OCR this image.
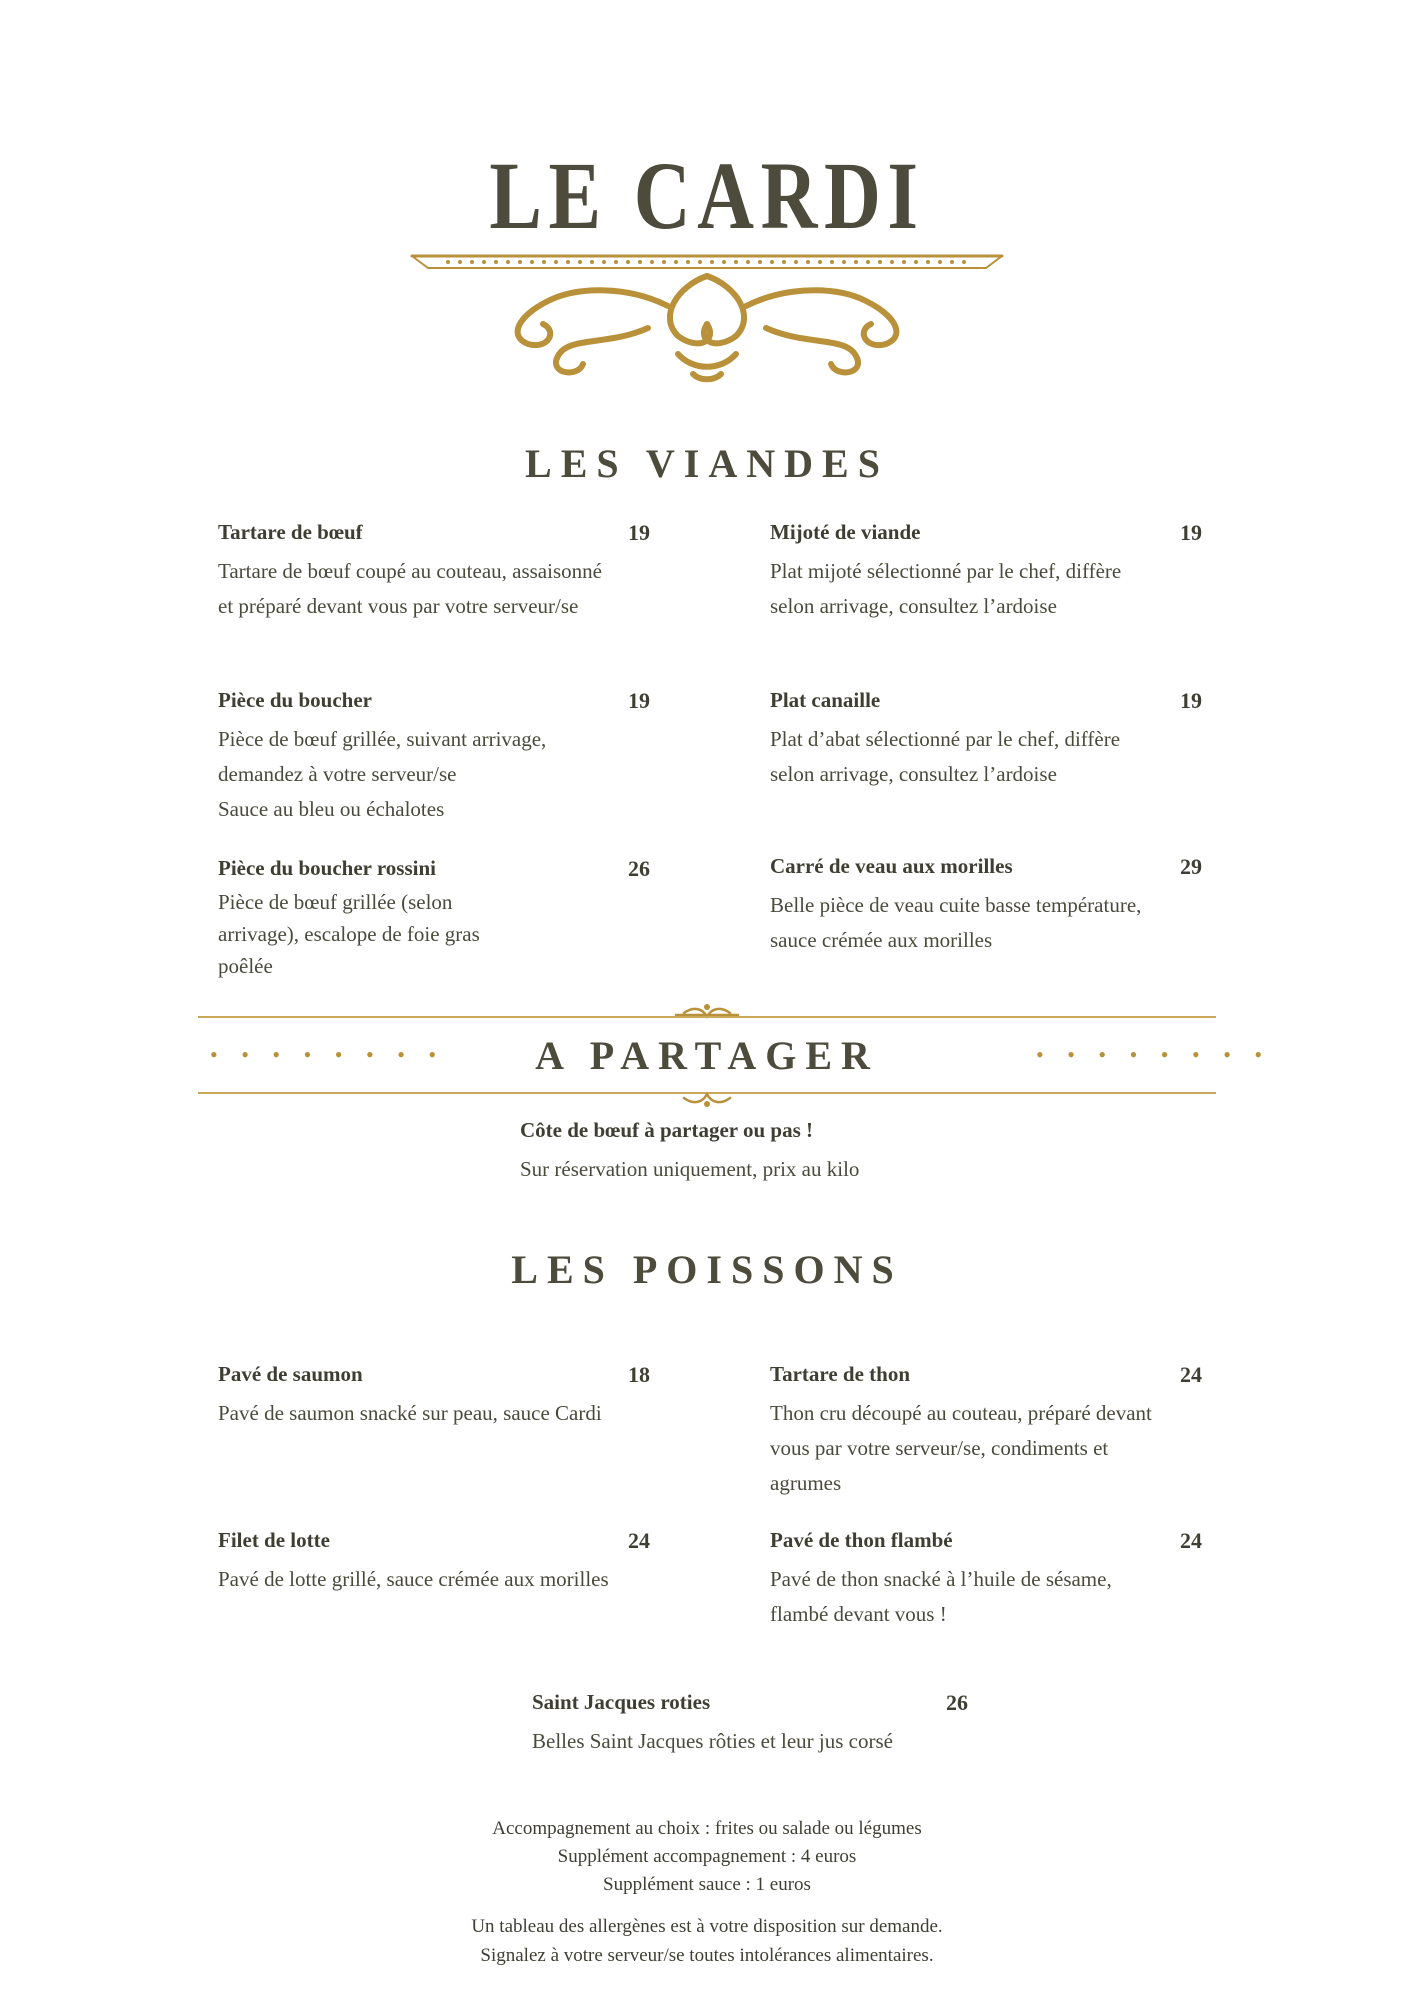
LE CARDI
LES VIANDES
Tartare de bœuf	19
Tartare de bœuf coupé au couteau, assaisonné
et préparé devant vous par votre serveur/se
Mijoté de viande	19
Plat mijoté sélectionné par le chef, diffère
selon arrivage, consultez l’ardoise
Pièce du boucher	19
Pièce de bœuf grillée, suivant arrivage,
demandez à votre serveur/se
Sauce au bleu ou échalotes
Plat canaille	19
Plat d’abat sélectionné par le chef, diffère
selon arrivage, consultez l’ardoise
Pièce du boucher rossini	26
Pièce de bœuf grillée (selon
arrivage), escalope de foie gras
poêlée
Carré de veau aux morilles	29
Belle pièce de veau cuite basse température,
sauce crémée aux morilles
• • • • • • • •	• • • • • • • •
A PARTAGER
Côte de bœuf à partager ou pas !
Sur réservation uniquement, prix au kilo
LES POISSONS
Pavé de saumon	18
Pavé de saumon snacké sur peau, sauce Cardi
Tartare de thon	24
Thon cru découpé au couteau, préparé devant
vous par votre serveur/se, condiments et
agrumes
Filet de lotte	24
Pavé de lotte grillé, sauce crémée aux morilles
Pavé de thon flambé	24
Pavé de thon snacké à l’huile de sésame,
flambé devant vous !
Saint Jacques roties	26
Belles Saint Jacques rôties et leur jus corsé
Accompagnement au choix : frites ou salade ou légumes
Supplément accompagnement : 4 euros
Supplément sauce : 1 euros
Un tableau des allergènes est à votre disposition sur demande.
Signalez à votre serveur/se toutes intolérances alimentaires.
